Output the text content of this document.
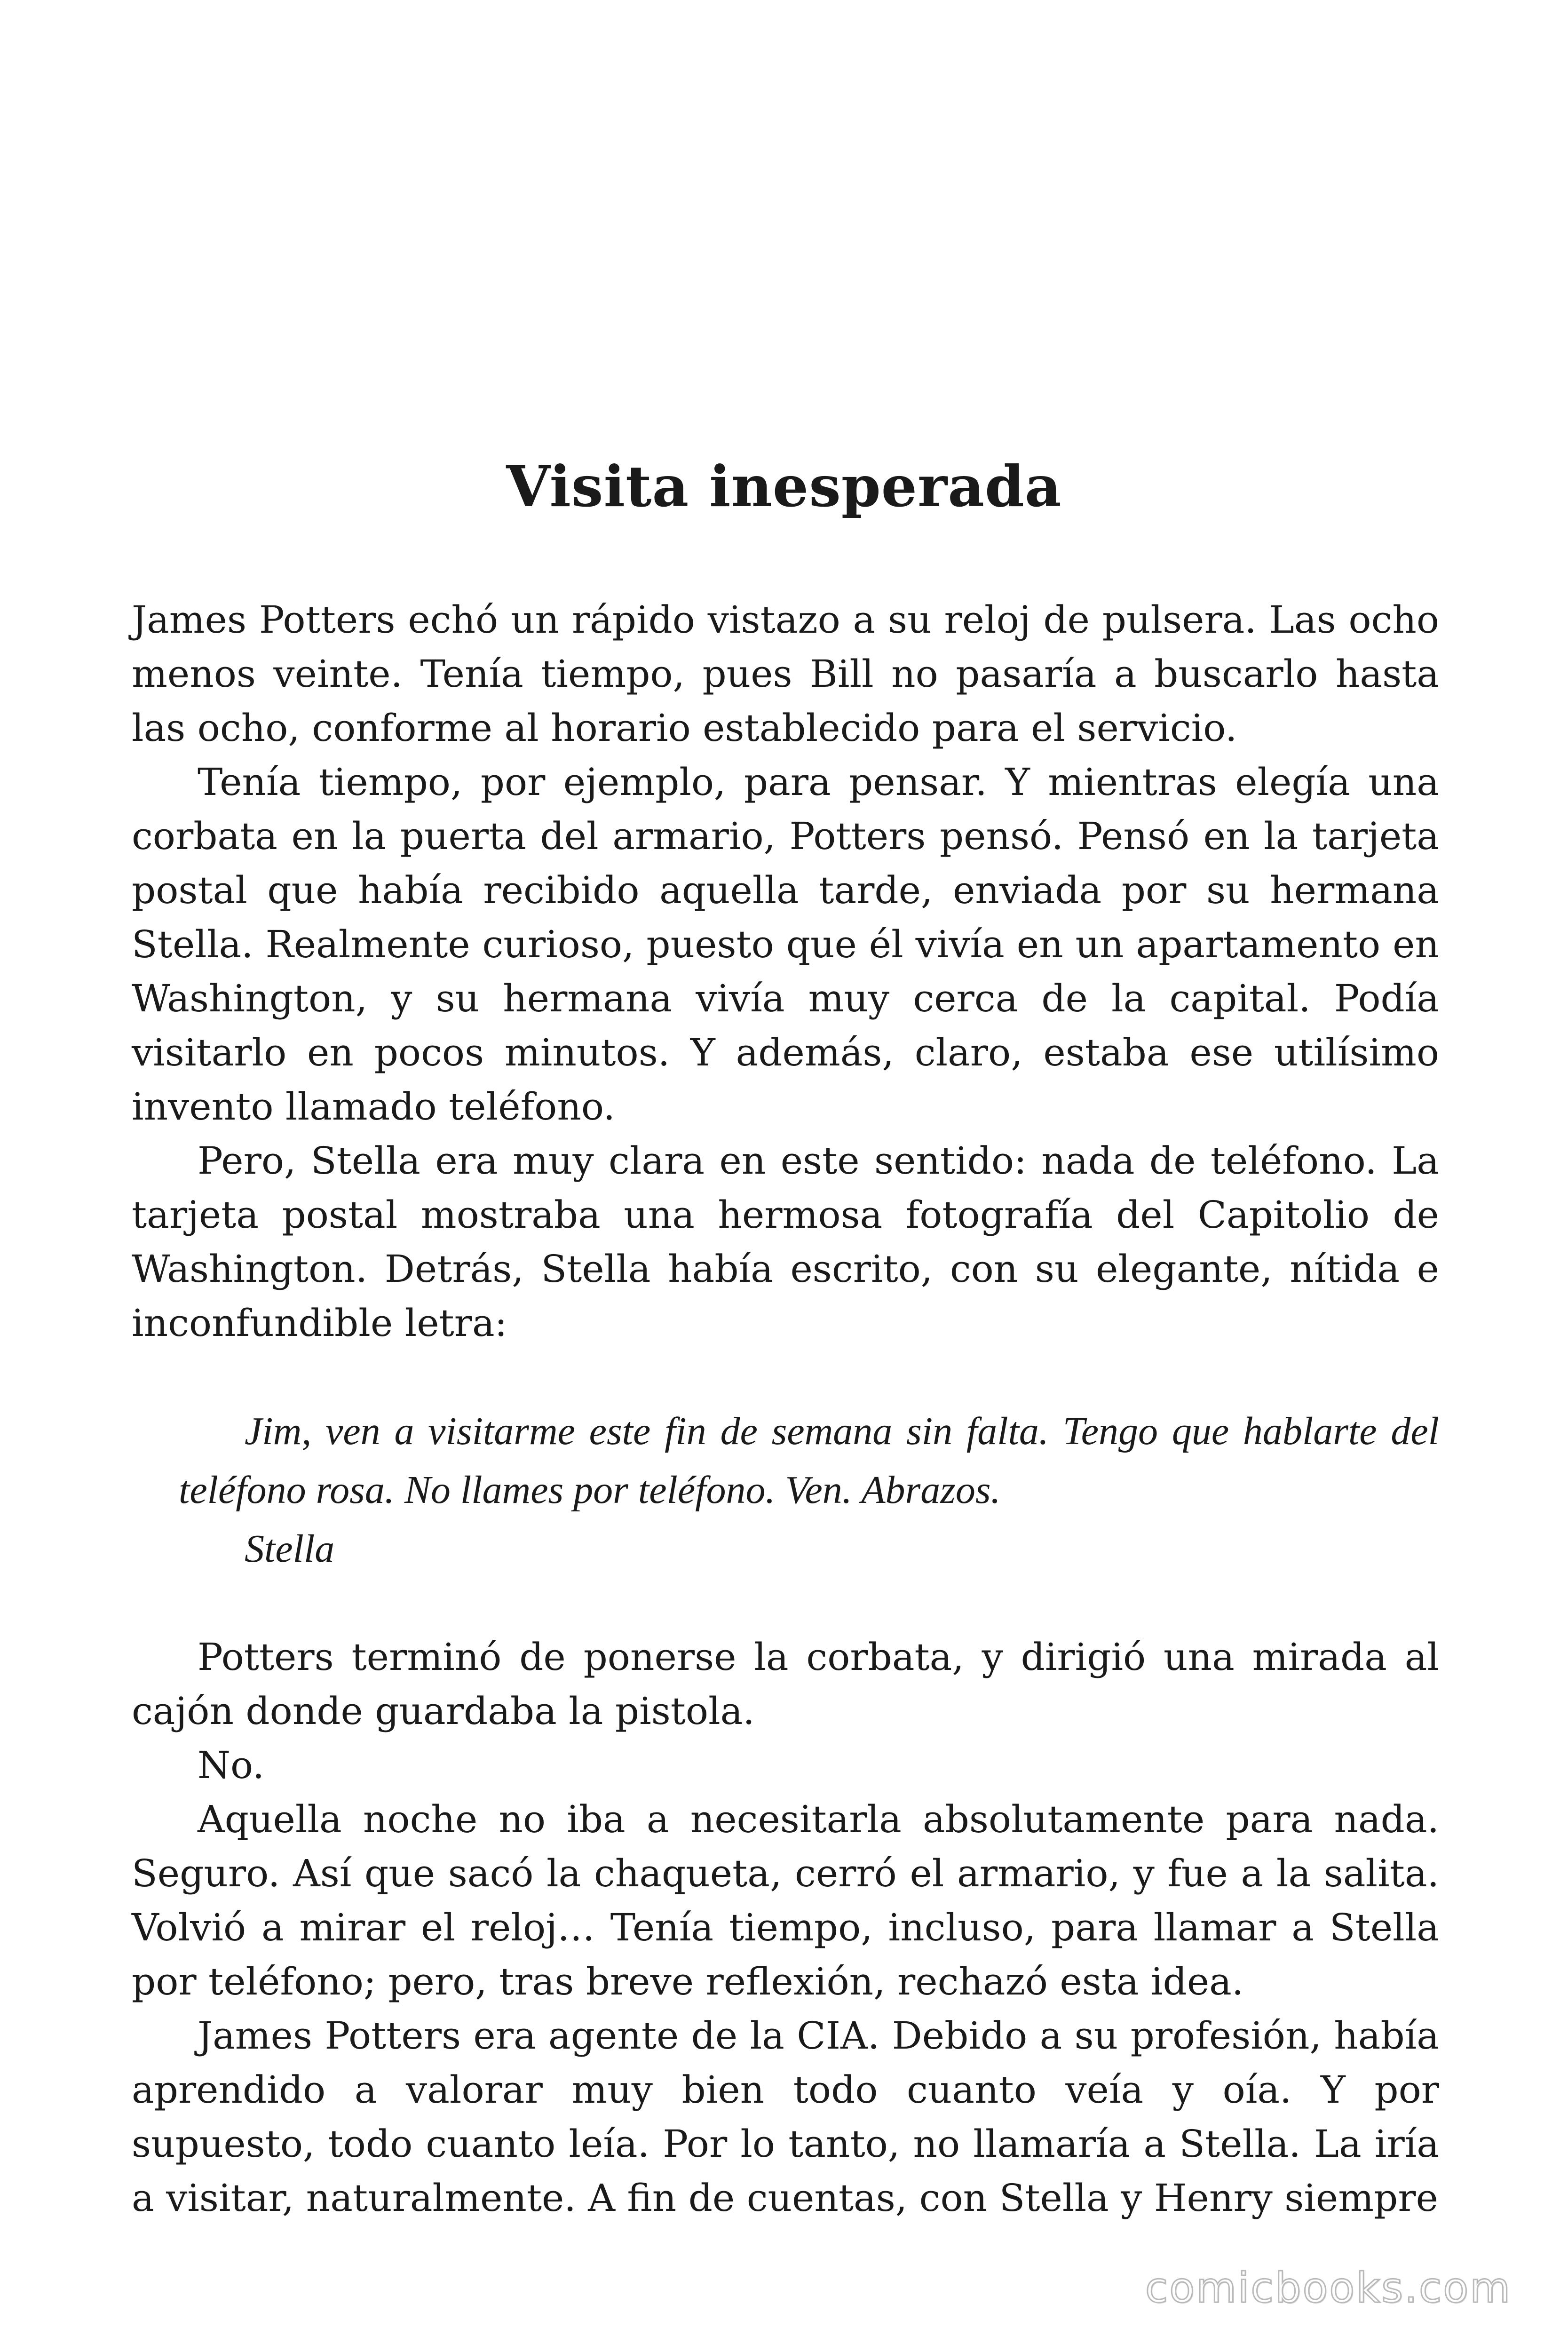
Visita inesperada

James Potters echó un rápido vistazo a su reloj de pulsera. Las ocho menos veinte. Tenía tiempo, pues Bill no pasaría a buscarlo hasta las ocho, conforme al horario establecido para el servicio.

Tenía tiempo, por ejemplo, para pensar. Y mientras elegía una corbata en la puerta del armario, Potters pensó. Pensó en la tarjeta postal que había recibido aquella tarde, enviada por su hermana Stella. Realmente curioso, puesto que él vivía en un apartamento en Washington, y su hermana vivía muy cerca de la capital. Podía visitarlo en pocos minutos. Y además, claro, estaba ese utilísimo invento llamado teléfono.

Pero, Stella era muy clara en este sentido: nada de teléfono. La tarjeta postal mostraba una hermosa fotografía del Capitolio de Washington. Detrás, Stella había escrito, con su elegante, nítida e inconfundible letra:

Jim, ven a visitarme este fin de semana sin falta. Tengo que hablarte del teléfono rosa. No llames por teléfono. Ven. Abrazos.

Stella

Potters terminó de ponerse la corbata, y dirigió una mirada al cajón donde guardaba la pistola.

No.

Aquella noche no iba a necesitarla absolutamente para nada. Seguro. Así que sacó la chaqueta, cerró el armario, y fue a la salita. Volvió a mirar el reloj… Tenía tiempo, incluso, para llamar a Stella por teléfono; pero, tras breve reflexión, rechazó esta idea.

James Potters era agente de la CIA. Debido a su profesión, había aprendido a valorar muy bien todo cuanto veía y oía. Y por supuesto, todo cuanto leía. Por lo tanto, no llamaría a Stella. La iría a visitar, naturalmente. A fin de cuentas, con Stella y Henry siempre

comicbooks.com
